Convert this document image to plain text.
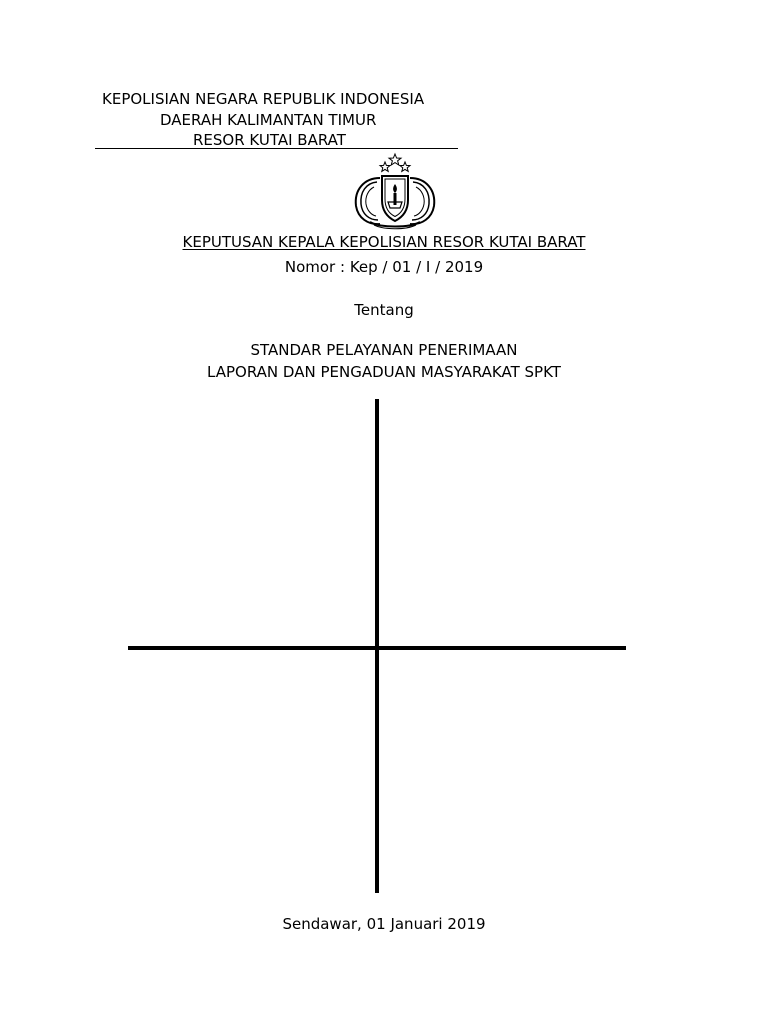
KEPOLISIAN NEGARA REPUBLIK INDONESIA
DAERAH KALIMANTAN TIMUR
RESOR KUTAI BARAT
KEPUTUSAN KEPALA KEPOLISIAN RESOR KUTAI BARAT
Nomor : Kep / 01 / I / 2019
Tentang
STANDAR PELAYANAN PENERIMAAN
LAPORAN DAN PENGADUAN MASYARAKAT SPKT
Sendawar, 01 Januari 2019
